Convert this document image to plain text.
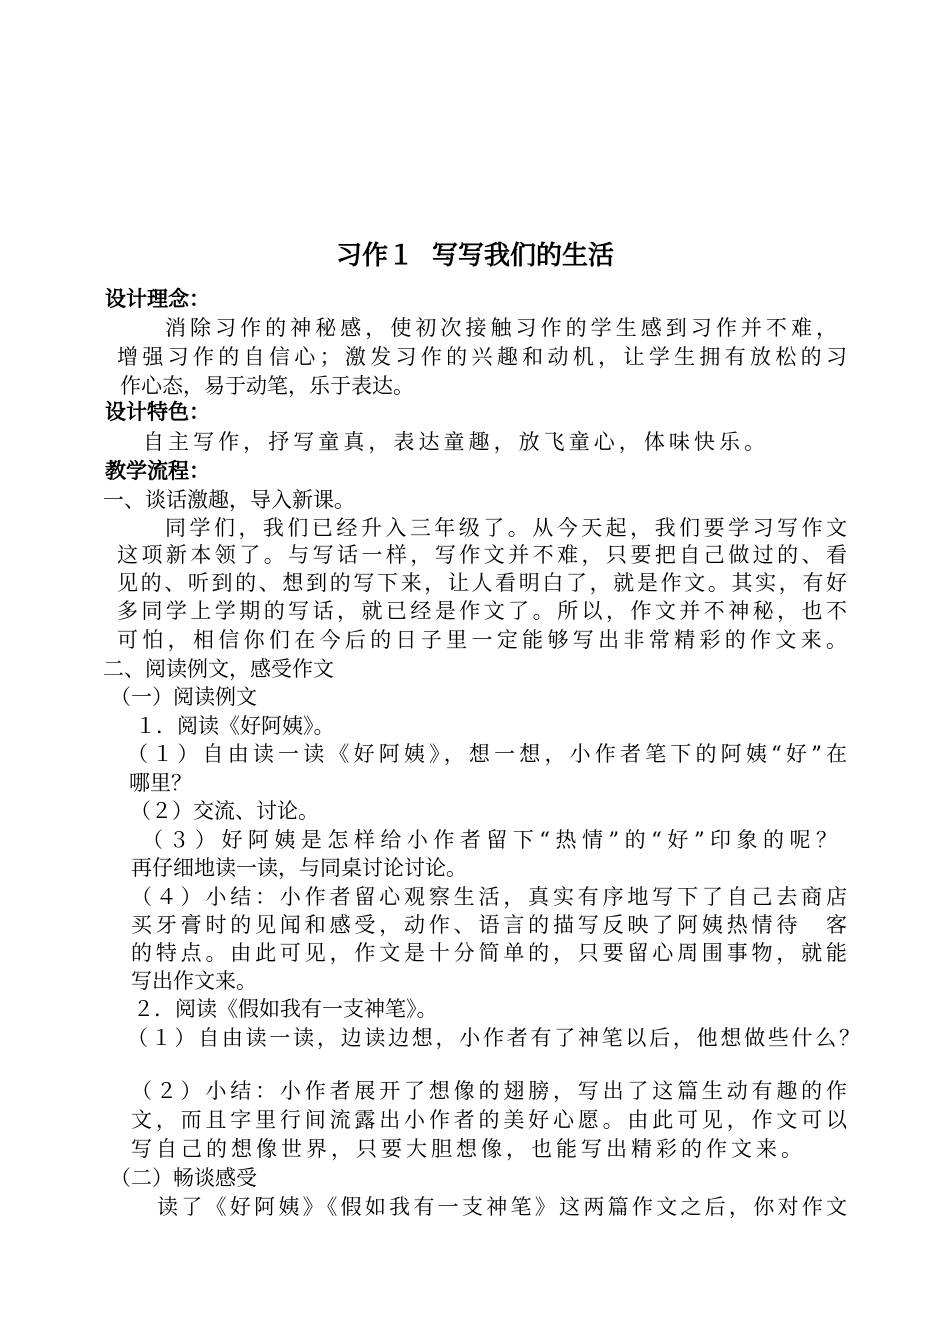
习作１  写写我们的生活
设计理念：
消除习作的神秘感，使初次接触习作的学生感到习作并不难，
增强习作的自信心；激发习作的兴趣和动机，让学生拥有放松的习
作心态，易于动笔，乐于表达。
设计特色：
自主写作，抒写童真，表达童趣，放飞童心，体味快乐。
教学流程：
一、谈话激趣，导入新课。
同学们，我们已经升入三年级了。从今天起，我们要学习写作文
这项新本领了。与写话一样，写作文并不难，只要把自己做过的、看
见的、听到的、想到的写下来，让人看明白了，就是作文。其实，有好
多同学上学期的写话，就已经是作文了。所以，作文并不神秘，也不
可怕，相信你们在今后的日子里一定能够写出非常精彩的作文来。
二、阅读例文，感受作文
（一）阅读例文
１．阅读《好阿姨》。
（１）自由读一读《好阿姨》，想一想，小作者笔下的阿姨“好”在
哪里？
（２）交流、讨论。
（３）好阿姨是怎样给小作者留下“热情”的“好”印象的呢？
再仔细地读一读，与同桌讨论讨论。
（４）小结：小作者留心观察生活，真实有序地写下了自己去商店
买牙膏时的见闻和感受，动作、语言的描写反映了阿姨热情待　客
的特点。由此可见，作文是十分简单的，只要留心周围事物，就能
写出作文来。
２．阅读《假如我有一支神笔》。
（１）自由读一读，边读边想，小作者有了神笔以后，他想做些什么？
（２）小结：小作者展开了想像的翅膀，写出了这篇生动有趣的作
文，而且字里行间流露出小作者的美好心愿。由此可见，作文可以
写自己的想像世界，只要大胆想像，也能写出精彩的作文来。
（二）畅谈感受
读了《好阿姨》《假如我有一支神笔》这两篇作文之后，你对作文
